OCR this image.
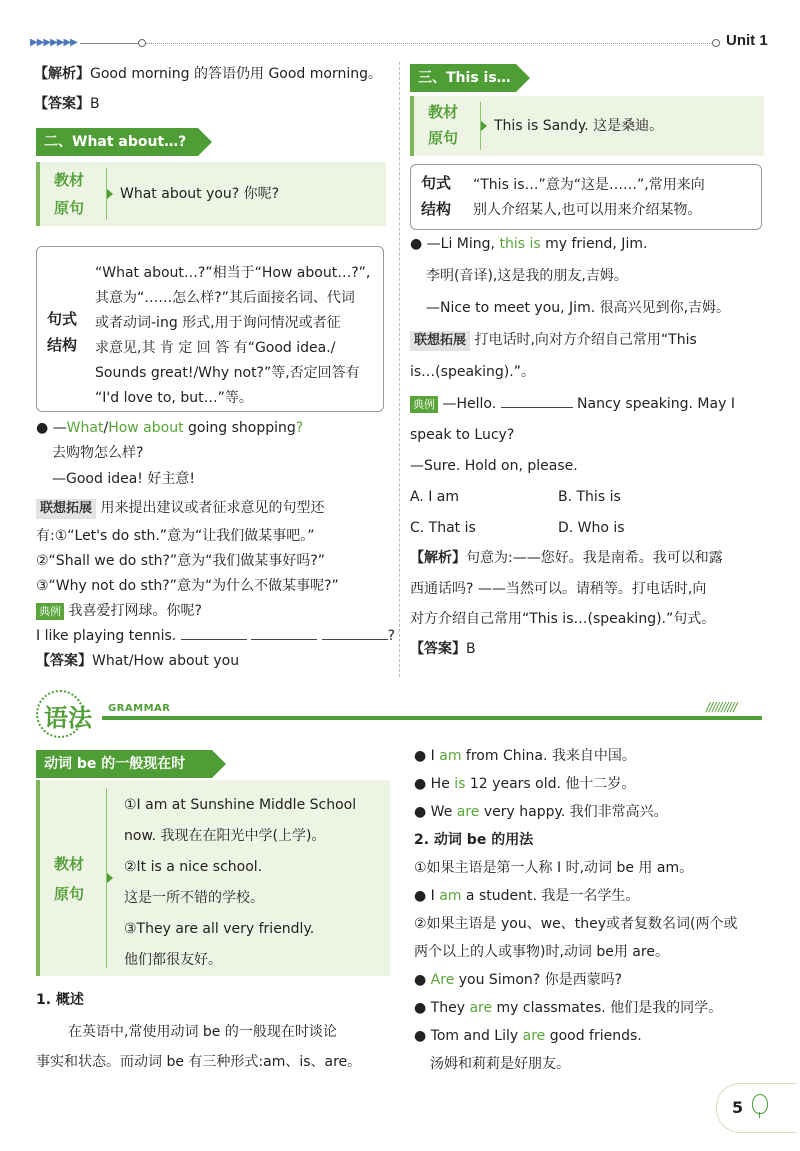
▶▶▶▶▶▶▶	Unit 1
【解析】Good morning 的答语仍用 Good morning。
【答案】B
二、What about…?
教材
原句
What about you? 你呢?
句式
结构
“What about…?”相当于“How about…?”,
其意为“……怎么样?”其后面接名词、代词
或者动词-ing 形式,用于询问情况或者征
求意见,其 肯 定 回 答 有“Good idea./
Sounds great!/Why not?”等,否定回答有
“I'd love to, but…”等。
● —What/How about going shopping?
去购物怎么样?
—Good idea! 好主意!
联想拓展 用来提出建议或者征求意见的句型还
有:①“Let's do sth.”意为“让我们做某事吧。”
②“Shall we do sth?”意为“我们做某事好吗?”
③“Why not do sth?”意为“为什么不做某事呢?”
典例 我喜爱打网球。你呢?
I like playing tennis.	?
【答案】What/How about you
三、This is…
教材
原句
This is Sandy. 这是桑迪。
句式
结构
“This is…”意为“这是……”,常用来向
别人介绍某人,也可以用来介绍某物。
● —Li Ming, this is my friend, Jim.
李明(音译),这是我的朋友,吉姆。
—Nice to meet you, Jim. 很高兴见到你,吉姆。
联想拓展 打电话时,向对方介绍自己常用“This
is…(speaking).”。
典例 —Hello.	Nancy speaking. May I
speak to Lucy?
—Sure. Hold on, please.
A. I am	B. This is
C. That is	D. Who is
【解析】句意为:——您好。我是南希。我可以和露
西通话吗? ——当然可以。请稍等。打电话时,向
对方介绍自己常用“This is…(speaking).”句式。
【答案】B
语法 GRAMMAR	//////////
动词 be 的一般现在时
教材
原句
①I am at Sunshine Middle School
now. 我现在在阳光中学(上学)。
②It is a nice school.
这是一所不错的学校。
③They are all very friendly.
他们都很友好。
1. 概述
在英语中,常使用动词 be 的一般现在时谈论
事实和状态。而动词 be 有三种形式:am、is、are。
● I am from China. 我来自中国。
● He is 12 years old. 他十二岁。
● We are very happy. 我们非常高兴。
2. 动词 be 的用法
①如果主语是第一人称 I 时,动词 be 用 am。
● I am a student. 我是一名学生。
②如果主语是 you、we、they或者复数名词(两个或
两个以上的人或事物)时,动词 be用 are。
● Are you Simon? 你是西蒙吗?
● They are my classmates. 他们是我的同学。
● Tom and Lily are good friends.
汤姆和莉莉是好朋友。
5
